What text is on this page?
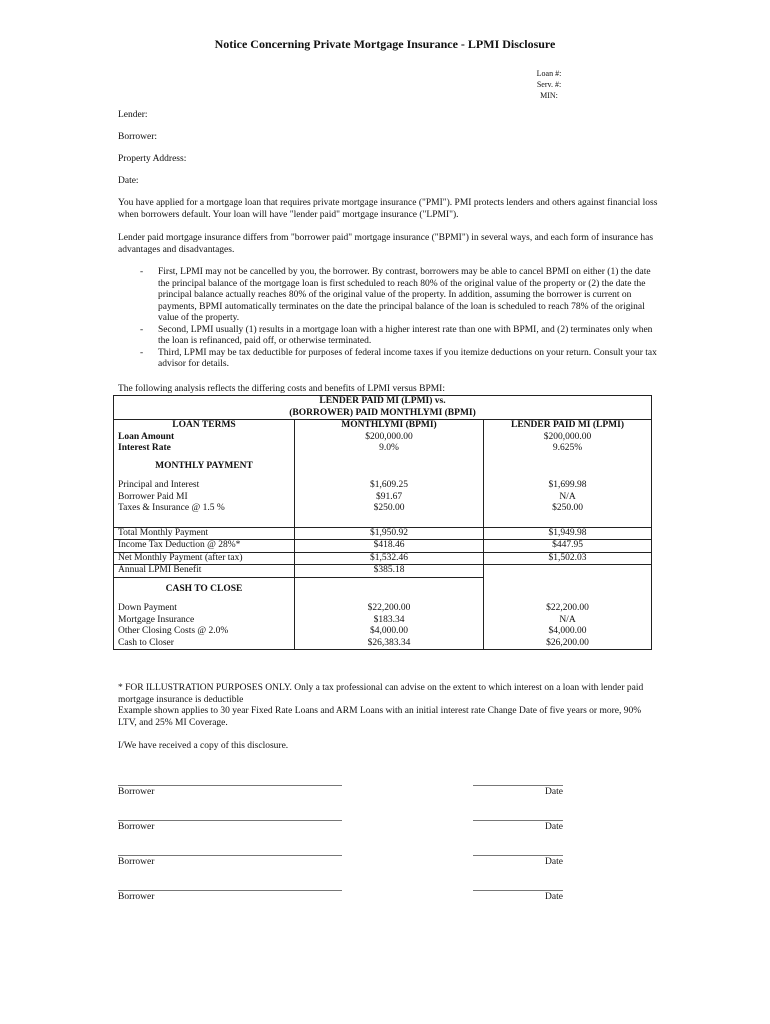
Notice Concerning Private Mortgage Insurance - LPMI Disclosure
Loan #:
Serv. #:
MIN:
Lender:
Borrower:
Property Address:
Date:
You have applied for a mortgage loan that requires private mortgage insurance ("PMI"). PMI protects lenders and others against financial loss when borrowers default. Your loan will have "lender paid" mortgage insurance ("LPMI").
Lender paid mortgage insurance differs from "borrower paid" mortgage insurance ("BPMI") in several ways, and each form of insurance has advantages and disadvantages.
-	First, LPMI may not be cancelled by you, the borrower. By contrast, borrowers may be able to cancel BPMI on either (1) the date the principal balance of the mortgage loan is first scheduled to reach 80% of the original value of the property or (2) the date the principal balance actually reaches 80% of the original value of the property. In addition, assuming the borrower is current on payments, BPMI automatically terminates on the date the principal balance of the loan is scheduled to reach 78% of the original value of the property.
-	Second, LPMI usually (1) results in a mortgage loan with a higher interest rate than one with BPMI, and (2) terminates only when the loan is refinanced, paid off, or otherwise terminated.
-	Third, LPMI may be tax deductible for purposes of federal income taxes if you itemize deductions on your return. Consult your tax advisor for details.
The following analysis reflects the differing costs and benefits of LPMI versus BPMI:
LENDER PAID MI (LPMI) vs.		
(BORROWER) PAID MONTHLYMI (BPMI)		
LOAN TERMS	MONTHLYMI (BPMI)	LENDER PAID MI (LPMI)
Loan Amount	$200,000.00	$200,000.00
Interest Rate	9.0%	9.625%
MONTHLY PAYMENT		
Principal and Interest	$1,609.25	$1,699.98
Borrower Paid MI	$91.67	N/A
Taxes & Insurance @ 1.5 %	$250.00	$250.00

Total Monthly Payment	$1,950.92	$1,949.98
Income Tax Deduction @ 28%*	$418.46	$447.95
Net Monthly Payment (after tax)	$1,532.46	$1,502.03
Annual LPMI Benefit	$385.18	
CASH TO CLOSE		
Down Payment	$22,200.00	$22,200.00
Mortgage Insurance	$183.34	N/A
Other Closing Costs @ 2.0%	$4,000.00	$4,000.00
Cash to Closer	$26,383.34	$26,200.00
* FOR ILLUSTRATION PURPOSES ONLY. Only a tax professional can advise on the extent to which interest on a loan with lender paid mortgage insurance is deductible
Example shown applies to 30 year Fixed Rate Loans and ARM Loans with an initial interest rate Change Date of five years or more, 90% LTV, and 25% MI Coverage.
I/We have received a copy of this disclosure.
Borrower	Date
Borrower	Date
Borrower	Date
Borrower	Date
